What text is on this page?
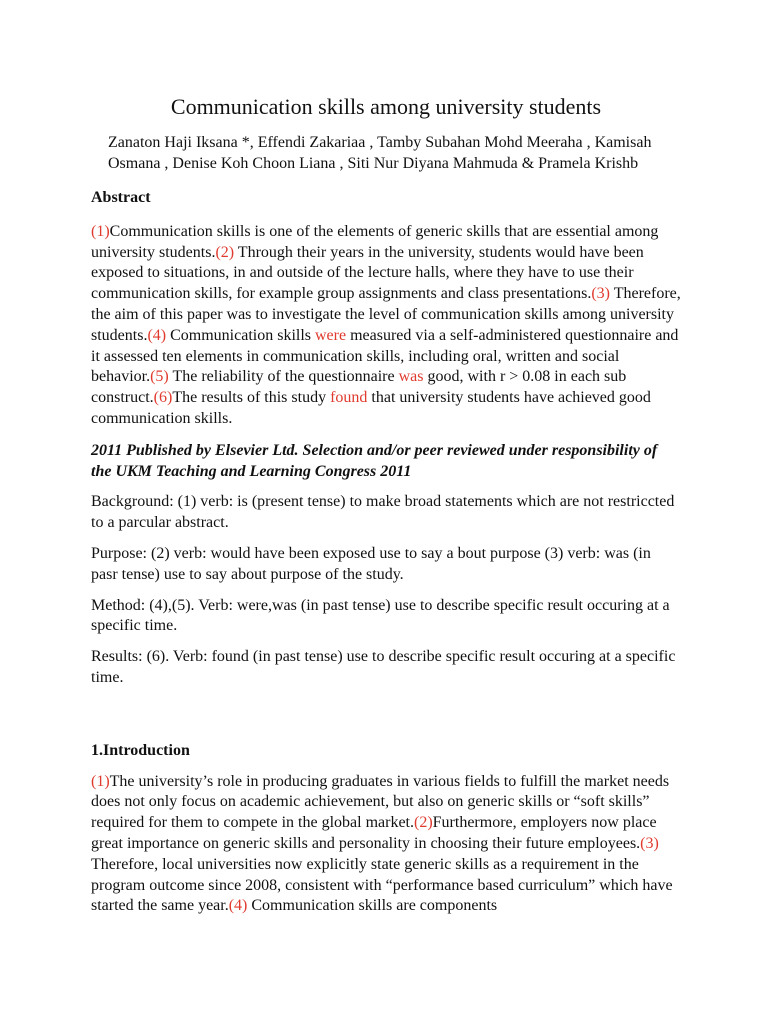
Communication skills among university students

Zanaton Haji Iksana *, Effendi Zakariaa , Tamby Subahan Mohd Meeraha , Kamisah Osmana , Denise Koh Choon Liana , Siti Nur Diyana Mahmuda & Pramela Krishb

Abstract

(1)Communication skills is one of the elements of generic skills that are essential among university students.(2) Through their years in the university, students would have been exposed to situations, in and outside of the lecture halls, where they have to use their communication skills, for example group assignments and class presentations.(3) Therefore, the aim of this paper was to investigate the level of communication skills among university students.(4) Communication skills were measured via a self-administered questionnaire and it assessed ten elements in communication skills, including oral, written and social behavior.(5) The reliability of the questionnaire was good, with r > 0.08 in each sub construct.(6)The results of this study found that university students have achieved good communication skills.

2011 Published by Elsevier Ltd. Selection and/or peer reviewed under responsibility of the UKM Teaching and Learning Congress 2011

Background: (1) verb: is (present tense) to make broad statements which are not restriccted to a parcular abstract.

Purpose: (2) verb: would have been exposed use to say a bout purpose (3) verb: was (in pasr tense) use to say about purpose of the study.

Method: (4),(5). Verb: were,was (in past tense) use to describe specific result occuring at a specific time.

Results: (6). Verb: found (in past tense) use to describe specific result occuring at a specific time.

1.Introduction

(1)The university’s role in producing graduates in various fields to fulfill the market needs does not only focus on academic achievement, but also on generic skills or “soft skills” required for them to compete in the global market.(2)Furthermore, employers now place great importance on generic skills and personality in choosing their future employees.(3) Therefore, local universities now explicitly state generic skills as a requirement in the program outcome since 2008, consistent with “performance based curriculum” which have started the same year.(4) Communication skills are components
